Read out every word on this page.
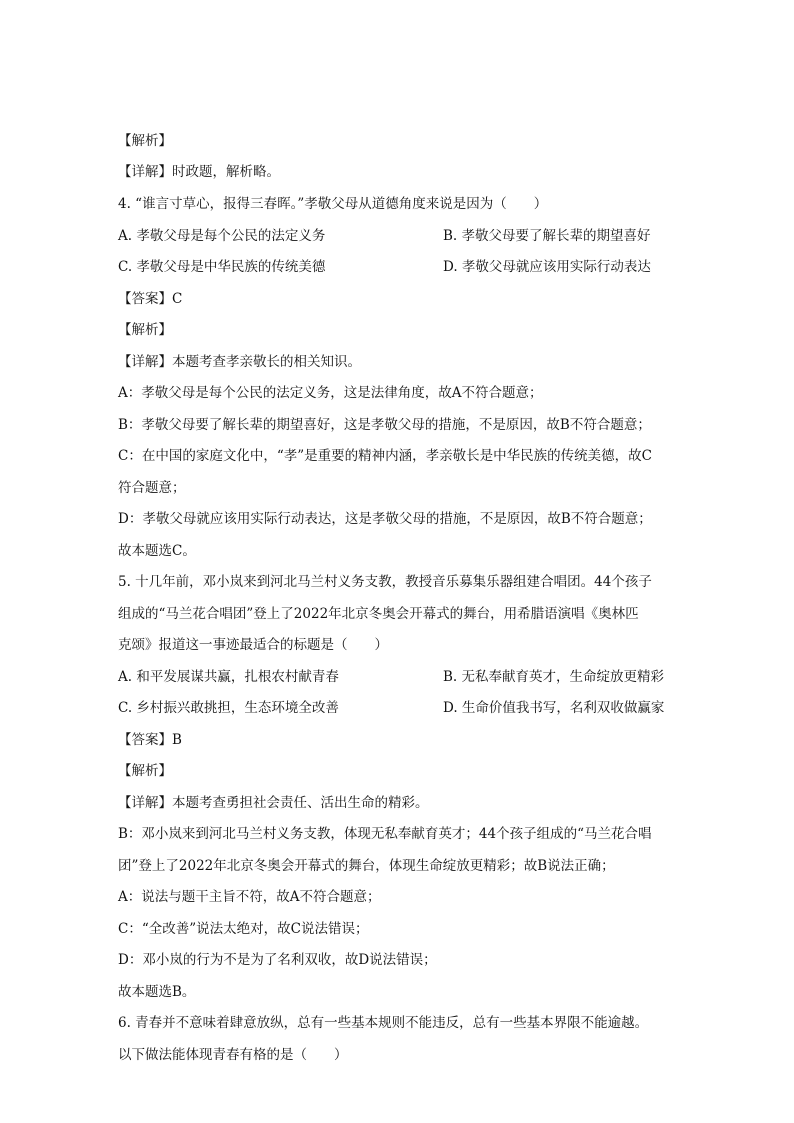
【解析】
【详解】时政题，解析略。
4. “谁言寸草心，报得三春晖。”孝敬父母从道德角度来说是因为（　　）
A. 孝敬父母是每个公民的法定义务	B. 孝敬父母要了解长辈的期望喜好
C. 孝敬父母是中华民族的传统美德	D. 孝敬父母就应该用实际行动表达
【答案】C
【解析】
【详解】本题考查孝亲敬长的相关知识。
A：孝敬父母是每个公民的法定义务，这是法律角度，故A不符合题意；
B：孝敬父母要了解长辈的期望喜好，这是孝敬父母的措施，不是原因，故B不符合题意；
C：在中国的家庭文化中，“孝”是重要的精神内涵，孝亲敬长是中华民族的传统美德，故C
符合题意；
D：孝敬父母就应该用实际行动表达，这是孝敬父母的措施，不是原因，故B不符合题意；
故本题选C。
5. 十几年前，邓小岚来到河北马兰村义务支教，教授音乐募集乐器组建合唱团。44个孩子
组成的“马兰花合唱团”登上了2022年北京冬奥会开幕式的舞台，用希腊语演唱《奥林匹
克颂》报道这一事迹最适合的标题是（　　）
A. 和平发展谋共赢，扎根农村献青春	B. 无私奉献育英才，生命绽放更精彩
C. 乡村振兴敢挑担，生态环境全改善	D. 生命价值我书写，名利双收做赢家
【答案】B
【解析】
【详解】本题考查勇担社会责任、活出生命的精彩。
B：邓小岚来到河北马兰村义务支教，体现无私奉献育英才；44个孩子组成的“马兰花合唱
团”登上了2022年北京冬奥会开幕式的舞台，体现生命绽放更精彩；故B说法正确；
A：说法与题干主旨不符，故A不符合题意；
C：“全改善”说法太绝对，故C说法错误；
D：邓小岚的行为不是为了名利双收，故D说法错误；
故本题选B。
6. 青春并不意味着肆意放纵，总有一些基本规则不能违反，总有一些基本界限不能逾越。
以下做法能体现青春有格的是（　　）
